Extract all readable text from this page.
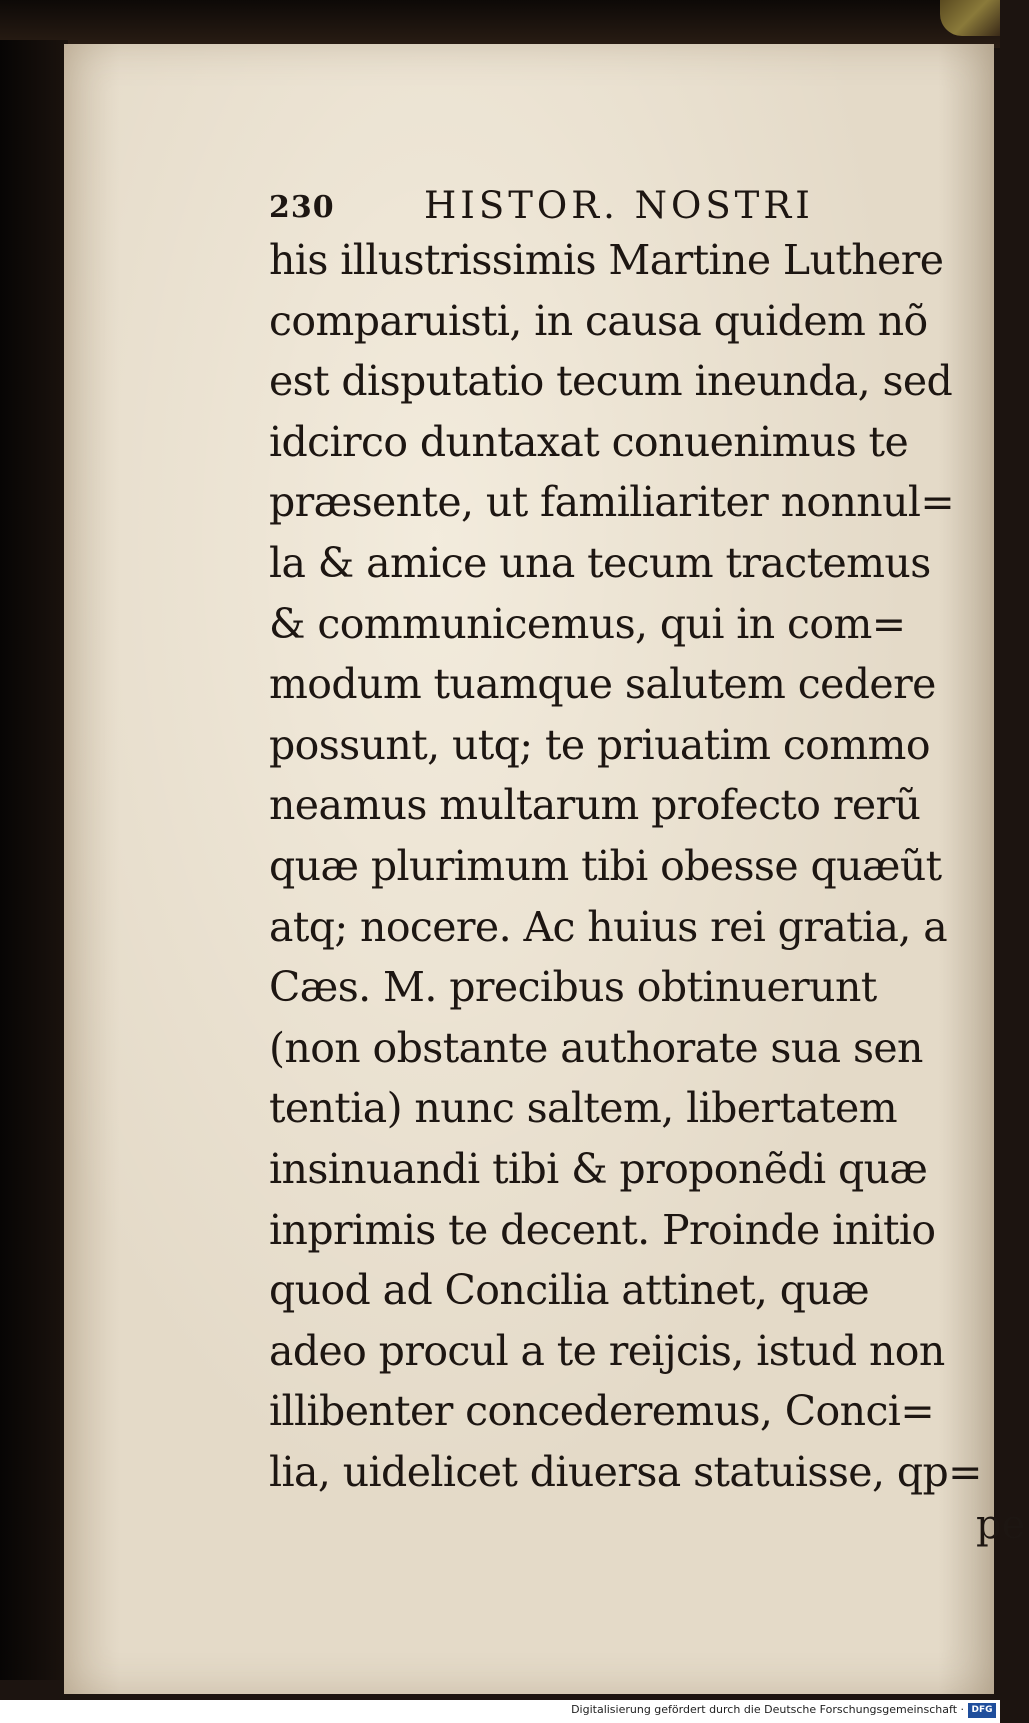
230 HISTOR. NOSTRI
his illustrissimis Martine Luthere
comparuisti, in causa quidem nõ
est disputatio tecum ineunda, sed
idcirco duntaxat conuenimus te
præsente, ut familiariter nonnul=
la & amice una tecum tractemus
& communicemus, qui in com=
modum tuamque salutem cedere
possunt, utq; te priuatim commo
neamus multarum profecto rerũ
quæ plurimum tibi obesse quæũt
atq; nocere. Ac huius rei gratia, a
Cæs. M. precibus obtinuerunt
(non obstante authorate sua sen
tentia) nunc saltem, libertatem
insinuandi tibi & proponẽdi quæ
inprimis te decent. Proinde initio
quod ad Concilia attinet, quæ
adeo procul a te reijcis, istud non
illibenter concederemus, Conci=
lia, uidelicet diuersa statuisse, qp=
pe
Digitalisierung gefördert durch die Deutsche Forschungsgemeinschaft · DFG
